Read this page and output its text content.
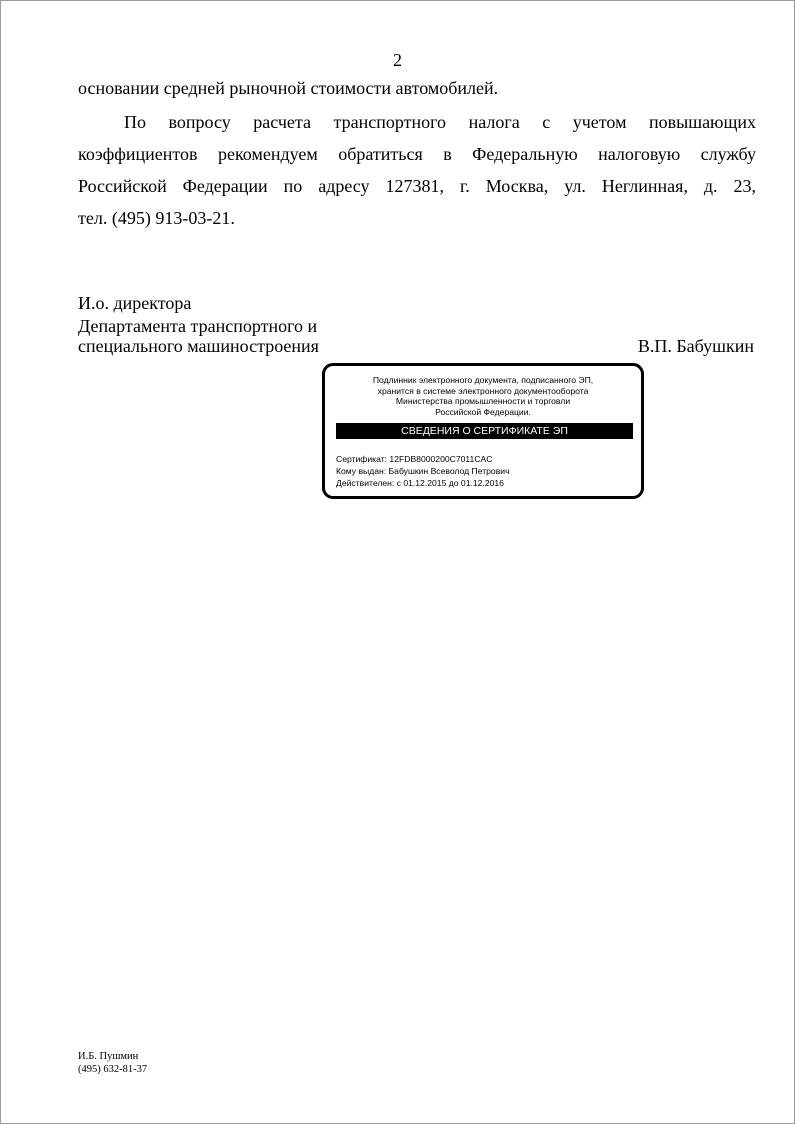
2
основании средней рыночной стоимости автомобилей.
По вопросу расчета транспортного налога с учетом повышающих
коэффициентов рекомендуем обратиться в Федеральную налоговую службу
Российской Федерации по адресу 127381, г. Москва, ул. Неглинная, д. 23,
тел. (495) 913-03-21.
И.о. директора
Департамента транспортного и
специального машиностроения	В.П. Бабушкин
Подлинник электронного документа, подписанного ЭП,
хранится в системе электронного документооборота
Министерства промышленности и торговли
Российской Федерации.
СВЕДЕНИЯ О СЕРТИФИКАТЕ ЭП
Сертификат: 12FDB8000200C7011CAC
Кому выдан: Бабушкин Всеволод Петрович
Действителен: с 01.12.2015 до 01.12.2016
И.Б. Пушмин
(495) 632-81-37
